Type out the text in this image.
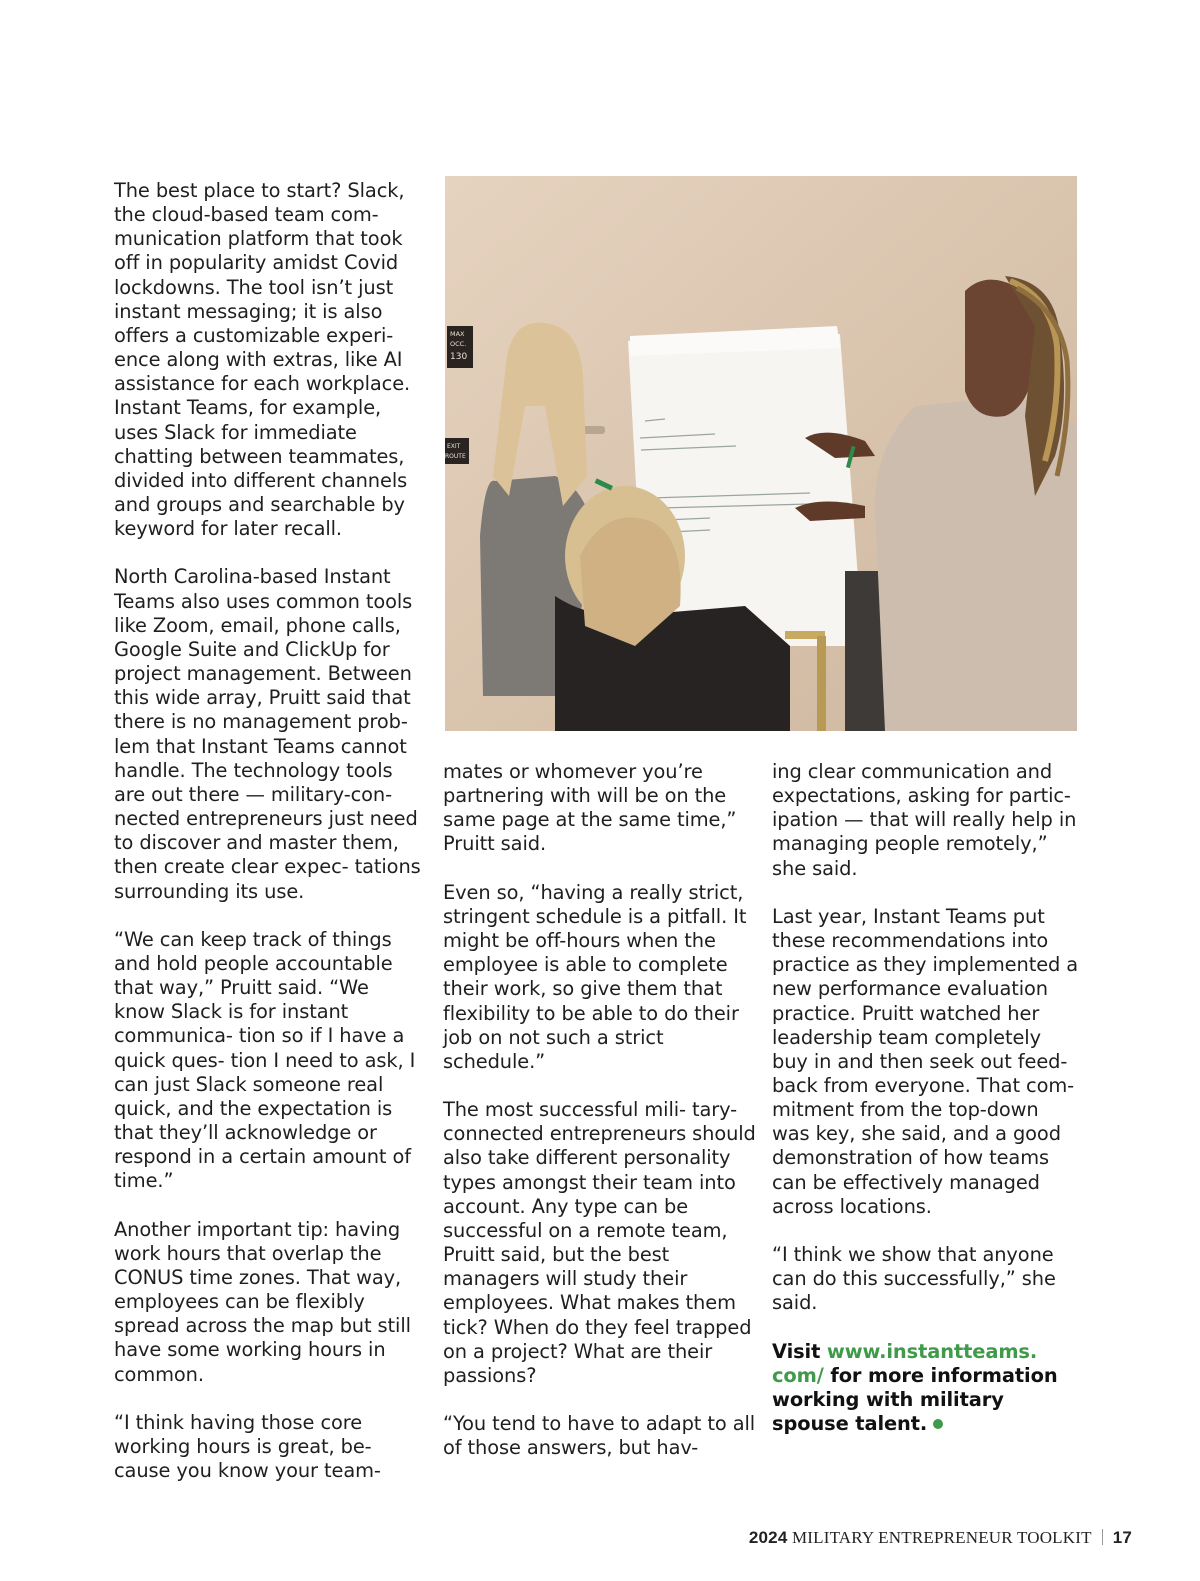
The best place to start? Slack, the cloud-based team com- munication platform that took off in popularity amidst Covid lockdowns. The tool isn’t just instant messaging; it is also offers a customizable experi- ence along with extras, like AI assistance for each workplace. Instant Teams, for example, uses Slack for immediate chatting between teammates, divided into different channels and groups and searchable by keyword for later recall.

North Carolina-based Instant Teams also uses common tools like Zoom, email, phone calls, Google Suite and ClickUp for project management. Between this wide array, Pruitt said that there is no management prob- lem that Instant Teams cannot handle. The technology tools are out there — military-con- nected entrepreneurs just need to discover and master them, then create clear expec- tations surrounding its use.

“We can keep track of things and hold people accountable that way,” Pruitt said. “We know Slack is for instant communica- tion so if I have a quick ques- tion I need to ask, I can just Slack someone real quick, and the expectation is that they’ll acknowledge or respond in a certain amount of time.”

Another important tip: having work hours that overlap the CONUS time zones. That way, employees can be flexibly spread across the map but still have some working hours in common.

“I think having those core working hours is great, be- cause you know your team-

MAX
OCC.
130
EXIT
ROUTE

mates or whomever you’re partnering with will be on the same page at the same time,” Pruitt said.

Even so, “having a really strict, stringent schedule is a pitfall. It might be off-hours when the employee is able to complete their work, so give them that flexibility to be able to do their job on not such a strict schedule.”

The most successful mili- tary-connected entrepreneurs should also take different personality types amongst their team into account. Any type can be successful on a remote team, Pruitt said, but the best managers will study their employees. What makes them tick? When do they feel trapped on a project? What are their passions?

“You tend to have to adapt to all of those answers, but hav-

ing clear communication and expectations, asking for partic- ipation — that will really help in managing people remotely,” she said.

Last year, Instant Teams put these recommendations into practice as they implemented a new performance evaluation practice. Pruitt watched her leadership team completely buy in and then seek out feed- back from everyone. That com- mitment from the top-down was key, she said, and a good demonstration of how teams can be effectively managed across locations.

“I think we show that anyone can do this successfully,” she said.

Visit www.instantteams. com/ for more information working with military spouse talent.

2024 MILITARY ENTREPRENEUR TOOLKIT 17
